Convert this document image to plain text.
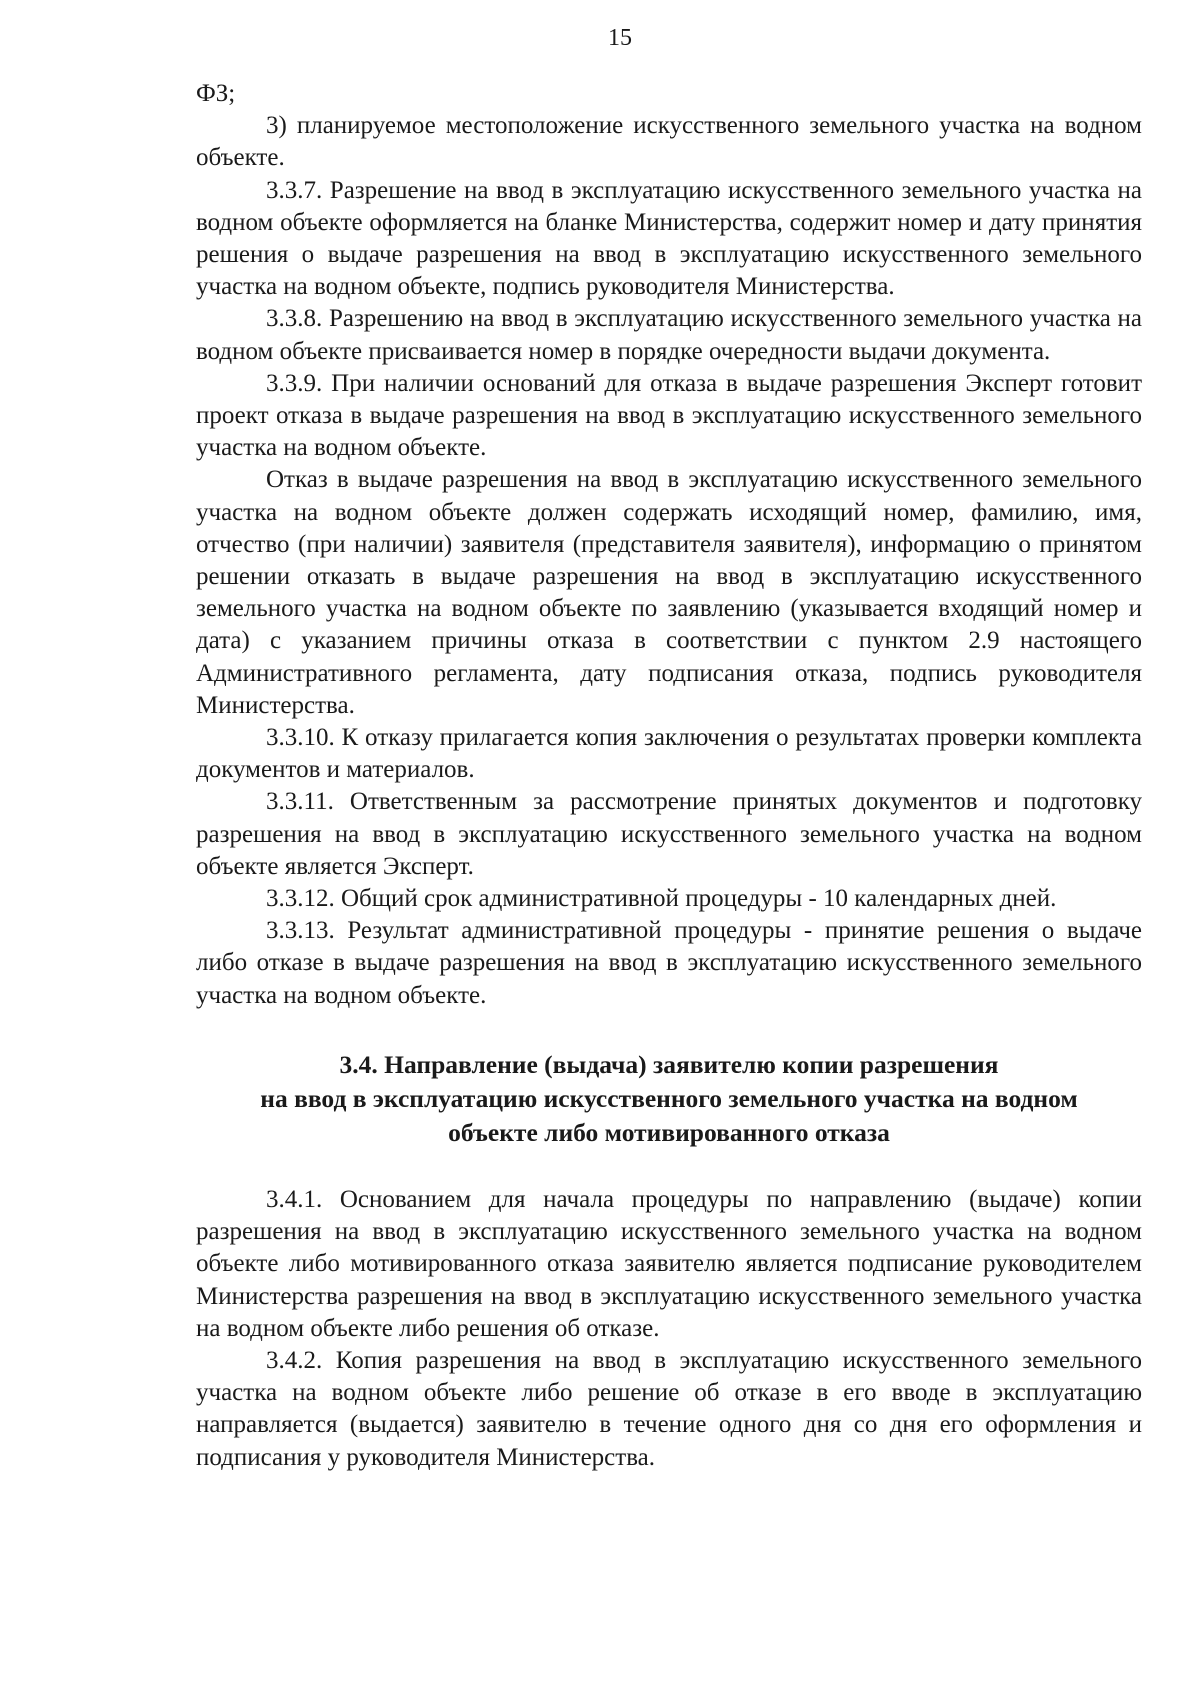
15

ФЗ;

3) планируемое местоположение искусственного земельного участка на водном объекте.

3.3.7. Разрешение на ввод в эксплуатацию искусственного земельного участка на водном объекте оформляется на бланке Министерства, содержит номер и дату принятия решения о выдаче разрешения на ввод в эксплуатацию искусственного земельного участка на водном объекте, подпись руководителя Министерства.

3.3.8. Разрешению на ввод в эксплуатацию искусственного земельного участка на водном объекте присваивается номер в порядке очередности выдачи документа.

3.3.9. При наличии оснований для отказа в выдаче разрешения Эксперт готовит проект отказа в выдаче разрешения на ввод в эксплуатацию искусственного земельного участка на водном объекте.

Отказ в выдаче разрешения на ввод в эксплуатацию искусственного земельного участка на водном объекте должен содержать исходящий номер, фамилию, имя, отчество (при наличии) заявителя (представителя заявителя), информацию о принятом решении отказать в выдаче разрешения на ввод в эксплуатацию искусственного земельного участка на водном объекте по заявлению (указывается входящий номер и дата) с указанием причины отказа в соответствии с пунктом 2.9 настоящего Административного регламента, дату подписания отказа, подпись руководителя Министерства.

3.3.10. К отказу прилагается копия заключения о результатах проверки комплекта документов и материалов.

3.3.11. Ответственным за рассмотрение принятых документов и подготовку разрешения на ввод в эксплуатацию искусственного земельного участка на водном объекте является Эксперт.

3.3.12. Общий срок административной процедуры - 10 календарных дней.

3.3.13. Результат административной процедуры - принятие решения о выдаче либо отказе в выдаче разрешения на ввод в эксплуатацию искусственного земельного участка на водном объекте.

3.4. Направление (выдача) заявителю копии разрешения
на ввод в эксплуатацию искусственного земельного участка на водном
объекте либо мотивированного отказа

3.4.1. Основанием для начала процедуры по направлению (выдаче) копии разрешения на ввод в эксплуатацию искусственного земельного участка на водном объекте либо мотивированного отказа заявителю является подписание руководителем Министерства разрешения на ввод в эксплуатацию искусственного земельного участка на водном объекте либо решения об отказе.

3.4.2. Копия разрешения на ввод в эксплуатацию искусственного земельного участка на водном объекте либо решение об отказе в его вводе в эксплуатацию направляется (выдается) заявителю в течение одного дня со дня его оформления и подписания у руководителя Министерства.
